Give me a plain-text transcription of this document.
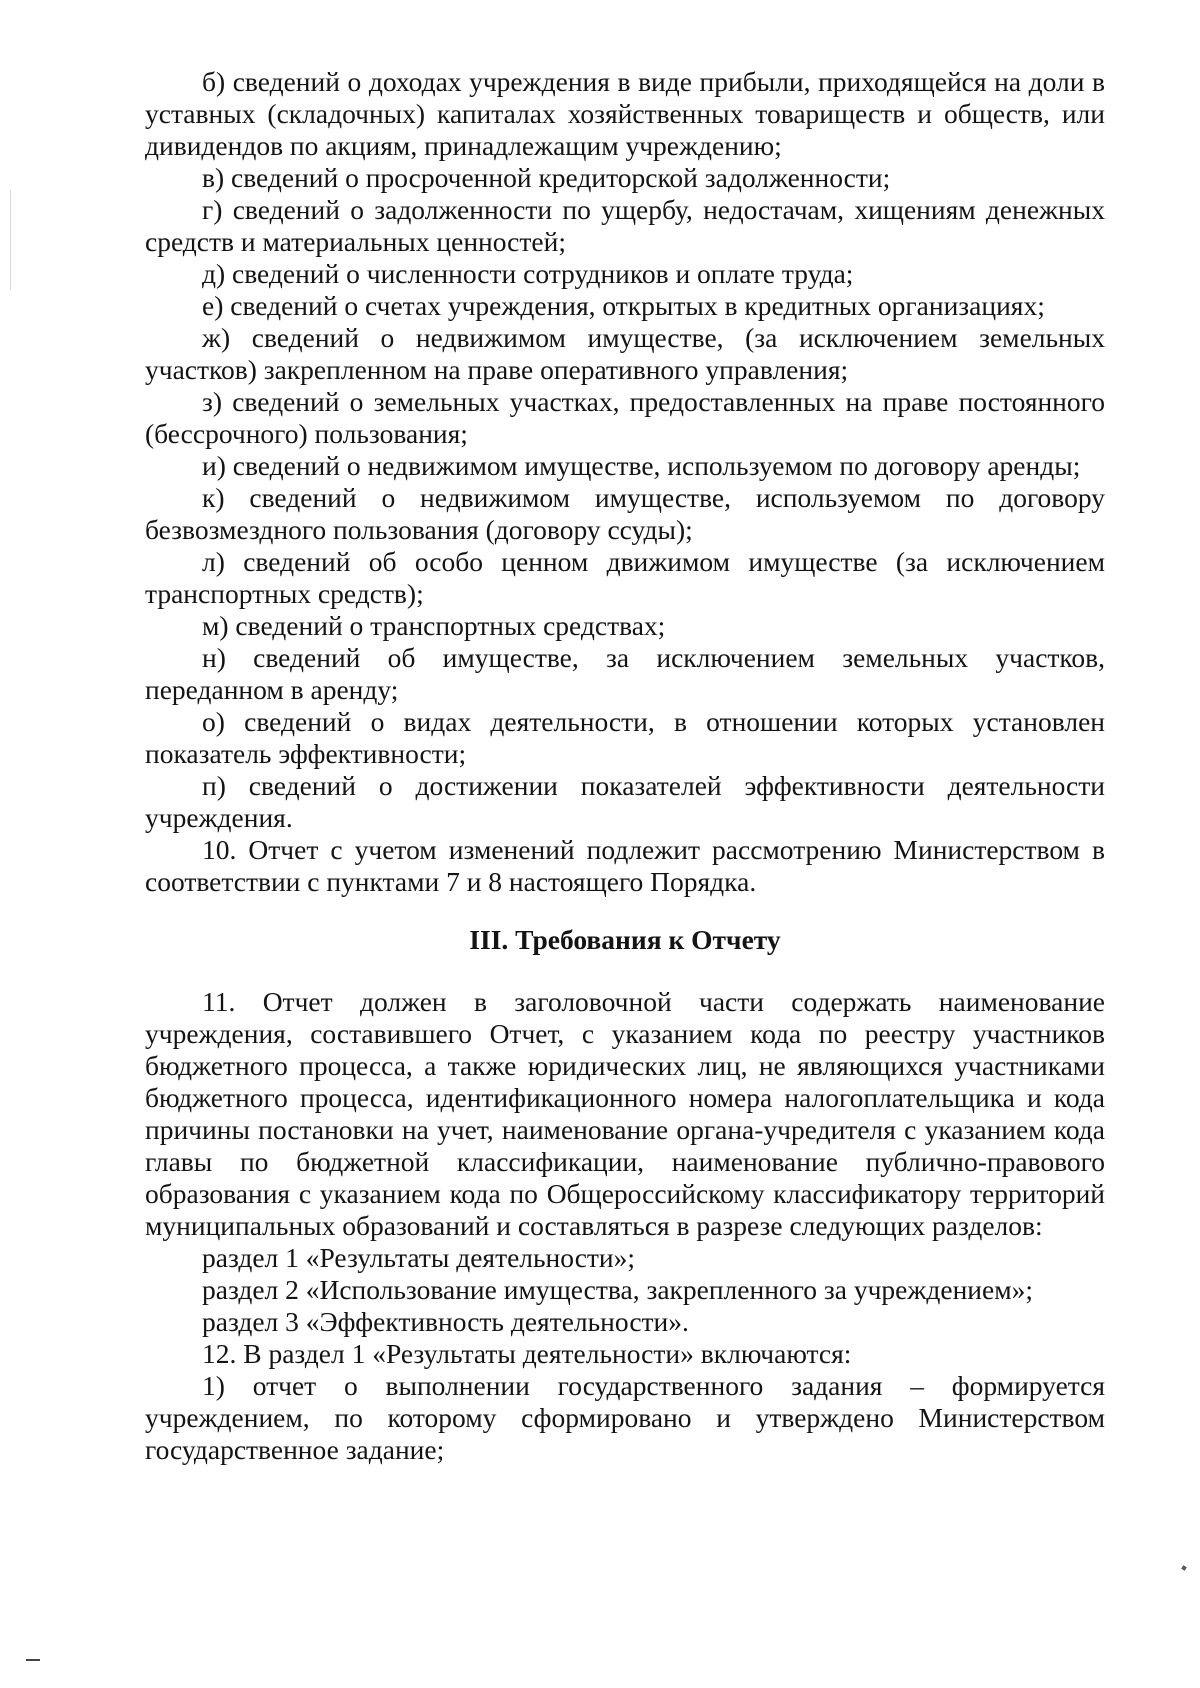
б) сведений о доходах учреждения в виде прибыли, приходящейся на доли в уставных (складочных) капиталах хозяйственных товариществ и обществ, или дивидендов по акциям, принадлежащим учреждению;

в) сведений о просроченной кредиторской задолженности;

г) сведений о задолженности по ущербу, недостачам, хищениям денежных средств и материальных ценностей;

д) сведений о численности сотрудников и оплате труда;

е) сведений о счетах учреждения, открытых в кредитных организациях;

ж) сведений о недвижимом имуществе, (за исключением земельных участков) закрепленном на праве оперативного управления;

з) сведений о земельных участках, предоставленных на праве постоянного (бессрочного) пользования;

и) сведений о недвижимом имуществе, используемом по договору аренды;

к) сведений о недвижимом имуществе, используемом по договору безвозмездного пользования (договору ссуды);

л) сведений об особо ценном движимом имуществе (за исключением транспортных средств);

м) сведений о транспортных средствах;

н) сведений об имуществе, за исключением земельных участков, переданном в аренду;

о) сведений о видах деятельности, в отношении которых установлен показатель эффективности;

п) сведений о достижении показателей эффективности деятельности учреждения.

10. Отчет с учетом изменений подлежит рассмотрению Министерством в соответствии с пунктами 7 и 8 настоящего Порядка.

III. Требования к Отчету

11. Отчет должен в заголовочной части содержать наименование учреждения, составившего Отчет, с указанием кода по реестру участников бюджетного процесса, а также юридических лиц, не являющихся участниками бюджетного процесса, идентификационного номера налогоплательщика и кода причины постановки на учет, наименование органа-учредителя с указанием кода главы по бюджетной классификации, наименование публично-правового образования с указанием кода по Общероссийскому классификатору территорий муниципальных образований и составляться в разрезе следующих разделов:

раздел 1 «Результаты деятельности»;

раздел 2 «Использование имущества, закрепленного за учреждением»;

раздел 3 «Эффективность деятельности».

12. В раздел 1 «Результаты деятельности» включаются:

1) отчет о выполнении государственного задания – формируется учреждением, по которому сформировано и утверждено Министерством государственное задание;
